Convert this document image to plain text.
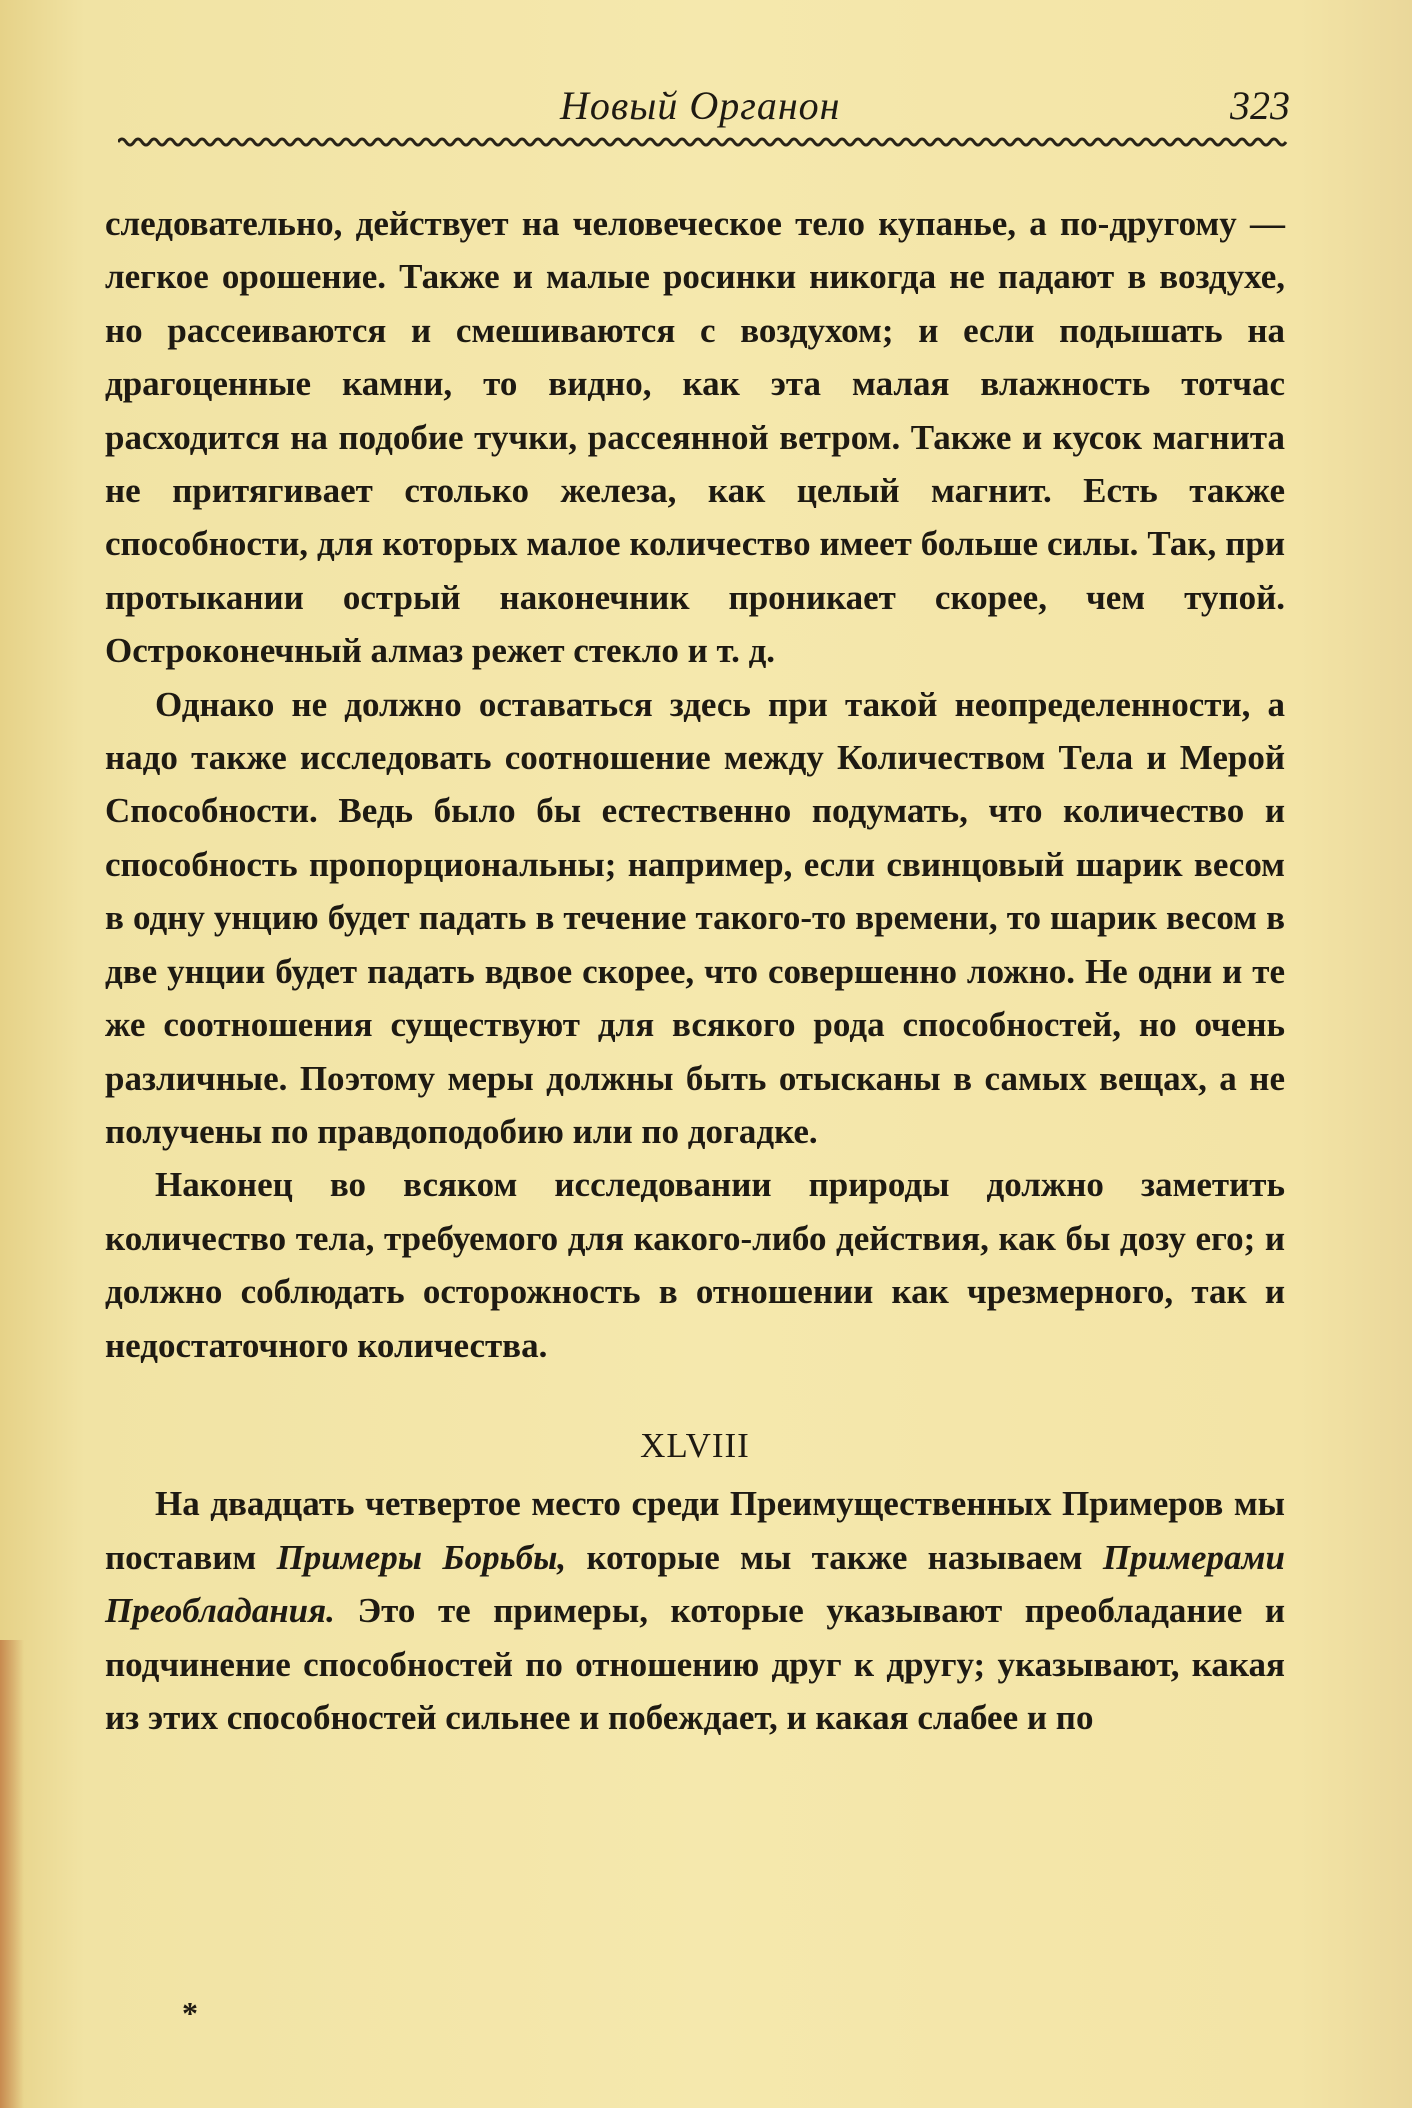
Новый Органон	323

следовательно, действует на человеческое тело купанье, а по-другому — легкое орошение. Также и малые росинки никогда не падают в воздухе, но рассеиваются и смешиваются с воздухом; и если подышать на драгоценные камни, то видно, как эта малая влажность тотчас расходится на подобие тучки, рассеянной ветром. Также и кусок магнита не притягивает столько железа, как целый магнит. Есть также способности, для которых малое количество имеет больше силы. Так, при протыкании острый наконечник проникает скорее, чем тупой. Остроконечный алмаз режет стекло и т. д.

Однако не должно оставаться здесь при такой неопределенности, а надо также исследовать соотношение между Количеством Тела и Мерой Способности. Ведь было бы естественно подумать, что количество и способность пропорциональны; например, если свинцовый шарик весом в одну унцию будет падать в течение такого-то времени, то шарик весом в две унции будет падать вдвое скорее, что совершенно ложно. Не одни и те же соотношения существуют для всякого рода способностей, но очень различные. Поэтому меры должны быть отысканы в самых вещах, а не получены по правдоподобию или по догадке.

Наконец во всяком исследовании природы должно заметить количество тела, требуемого для какого-либо действия, как бы дозу его; и должно соблюдать осторожность в отношении как чрезмерного, так и недостаточного количества.

XLVIII

На двадцать четвертое место среди Преимущественных Примеров мы поставим Примеры Борьбы, которые мы также называем Примерами Преобладания. Это те примеры, которые указывают преобладание и подчинение способностей по отношению друг к другу; указывают, какая из этих способностей сильнее и побеждает, и какая слабее и по

*
